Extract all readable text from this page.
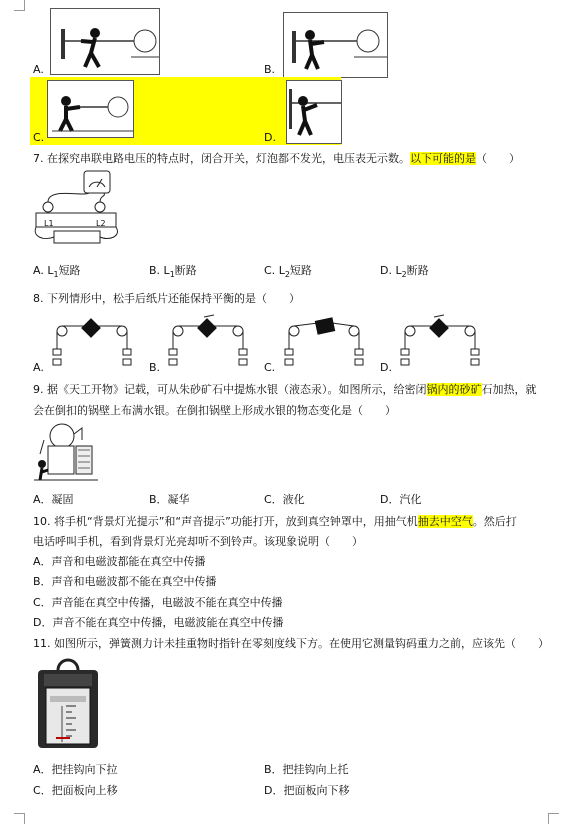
A.	B.
C.	D.
7. 在探究串联电路电压的特点时，闭合开关，灯泡都不发光，电压表无示数。以下可能的是（　　）
L1	L2
A. $L_1$短路	B. $L_1$断路	C. $L_2$短路	D. $L_2$断路
8. 下列情形中，松手后纸片还能保持平衡的是（　　）
A.	B.	C.	D.
9. 据《天工开物》记载，可从朱砂矿石中提炼水银（液态汞）。如图所示，给密闭锅内的砂矿石加热，就
会在倒扣的锅壁上布满水银。在倒扣锅壁上形成水银的物态变化是（　　）
A．凝固	B．凝华	C．液化	D．汽化
10. 将手机“背景灯光提示”和“声音提示”功能打开，放到真空钟罩中，用抽气机抽去中空气。然后打
电话呼叫手机，看到背景灯光亮却听不到铃声。该现象说明（　　）
A．声音和电磁波都能在真空中传播
B．声音和电磁波都不能在真空中传播
C．声音能在真空中传播，电磁波不能在真空中传播
D．声音不能在真空中传播，电磁波能在真空中传播
11. 如图所示，弹簧测力计未挂重物时指针在零刻度线下方。在使用它测量钩码重力之前，应该先（　　）
A．把挂钩向下拉	B．把挂钩向上托
C．把面板向上移	D．把面板向下移
